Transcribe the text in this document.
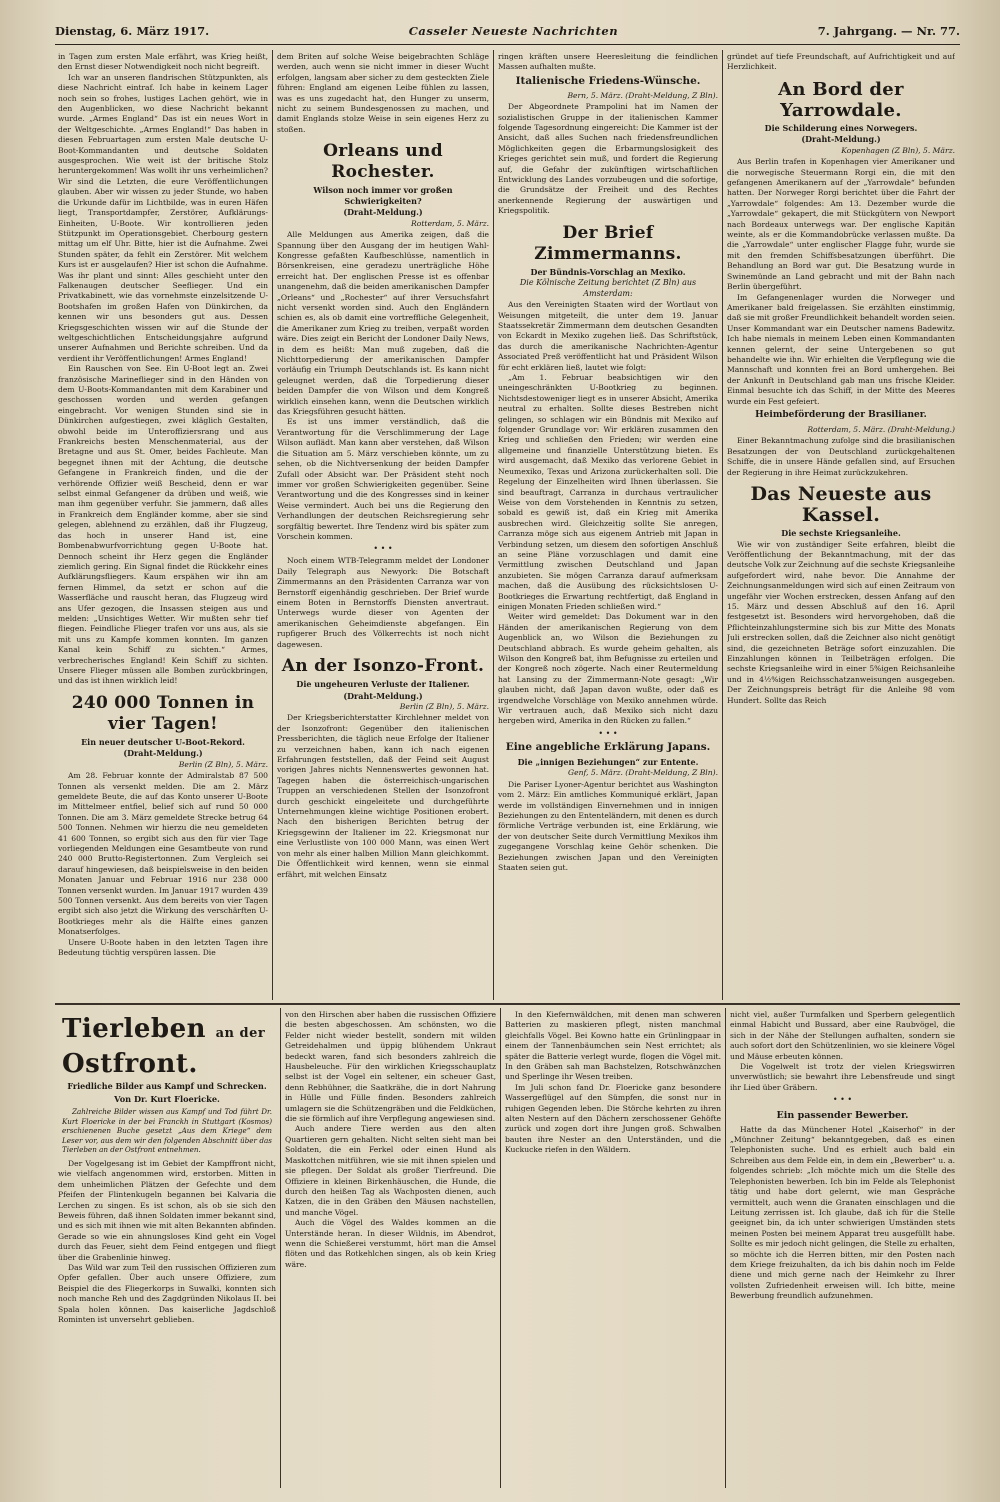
Dienstag, 6. März 1917.	Casseler Neueste Nachrichten	7. Jahrgang. — Nr. 77.

in Tagen zum ersten Male erfährt, was Krieg heißt, den Ernst dieser Notwendigkeit noch nicht begreift.

Ich war an unseren flandrischen Stützpunkten, als diese Nachricht eintraf. Ich habe in keinem Lager noch sein so frohes, lustiges Lachen gehört, wie in den Augenblicken, wo diese Nachricht bekannt wurde. „Armes England“ Das ist ein neues Wort in der Weltgeschichte. „Armes England!“ Das haben in diesen Februartagen zum ersten Male deutsche U-Boot-Kommandanten und deutsche Soldaten ausgesprochen. Wie weit ist der britische Stolz heruntergekommen! Was wollt ihr uns verheimlichen? Wir sind die Letzten, die eure Veröffentlichungen glauben. Aber wir wissen zu jeder Stunde, wo haben die Urkunde dafür im Lichtbilde, was in euren Häfen liegt, Transportdampfer, Zerstörer, Aufklärungs-Einheiten, U-Boote. Wir kontrollieren jeden Stützpunkt im Operationsgebiet. Cherbourg gestern mittag um elf Uhr. Bitte, hier ist die Aufnahme. Zwei Stunden später, da fehlt ein Zerstörer. Mit welchem Kurs ist er ausgelaufen? Hier ist schon die Aufnahme. Was ihr plant und sinnt: Alles geschieht unter den Falkenaugen deutscher Seeflieger. Und ein Privatkabinett, wie das vornehmste einzelsitzende U-Bootshafen im großen Hafen von Dünkirchen, da kennen wir uns besonders gut aus. Dessen Kriegsgeschichten wissen wir auf die Stunde der weltgeschichtlichen Entscheidungsjahre aufgrund unserer Aufnahmen und Berichte schreiben. Und da verdient ihr Veröffentlichungen! Armes England!

Ein Rauschen von See. Ein U-Boot legt an. Zwei französische Marineflieger sind in den Händen von dem U-Boots-Kommandanten mit dem Karabiner und geschossen worden und werden gefangen eingebracht. Vor wenigen Stunden sind sie in Dünkirchen aufgestiegen, zwei kläglich Gestalten, obwohl beide im Unteroffiziersrang und aus Frankreichs besten Menschenmaterial, aus der Bretagne und aus St. Omer, beides Fachleute. Man begegnet ihnen mit der Achtung, die deutsche Gefangene in Frankreich finden, und die der verhörende Offizier weiß Bescheid, denn er war selbst einmal Gefangener da drüben und weiß, wie man ihm gegenüber verfuhr. Sie jammern, daß alles in Frankreich dem Engländer komme, aber sie sind gelegen, ablehnend zu erzählen, daß ihr Flugzeug, das hoch in unserer Hand ist, eine Bombenabwurfvorrichtung gegen U-Boote hat. Dennoch scheint ihr Herz gegen die Engländer ziemlich gering. Ein Signal findet die Rückkehr eines Aufklärungsfliegers. Kaum erspähen wir ihn am fernen Himmel, da setzt er schon auf die Wasserfläche und rauscht heran, das Flugzeug wird ans Ufer gezogen, die Insassen steigen aus und melden: „Unsichtiges Wetter. Wir mußten sehr tief fliegen. Feindliche Flieger trafen vor uns aus, als sie mit uns zu Kampfe kommen konnten. Im ganzen Kanal kein Schiff zu sichten.“ Armes, verbrecherisches England! Kein Schiff zu sichten. Unsere Flieger müssen alle Bomben zurückbringen, und das ist ihnen wirklich leid!

240 000 Tonnen in vier Tagen!
Ein neuer deutscher U-Boot-Rekord.
(Draht-Meldung.)
Berlin (Z Bln), 5. März.

Am 28. Februar konnte der Admiralstab 87 500 Tonnen als versenkt melden. Die am 2. März gemeldete Beute, die auf das Konto unserer U-Boote im Mittelmeer entfiel, belief sich auf rund 50 000 Tonnen. Die am 3. März gemeldete Strecke betrug 64 500 Tonnen. Nehmen wir hierzu die neu gemeldeten 41 600 Tonnen, so ergibt sich aus den für vier Tage vorliegenden Meldungen eine Gesamtbeute von rund 240 000 Brutto-Registertonnen. Zum Vergleich sei darauf hingewiesen, daß beispielsweise in den beiden Monaten Januar und Februar 1916 nur 238 000 Tonnen versenkt wurden. Im Januar 1917 wurden 439 500 Tonnen versenkt. Aus dem bereits von vier Tagen ergibt sich also jetzt die Wirkung des verschärften U-Bootkrieges mehr als die Hälfte eines ganzen Monatserfolges.

Unsere U-Boote haben in den letzten Tagen ihre Bedeutung tüchtig verspüren lassen. Die

dem Briten auf solche Weise beigebrachten Schläge werden, auch wenn sie nicht immer in dieser Wucht erfolgen, langsam aber sicher zu dem gesteckten Ziele führen: England am eigenen Leibe fühlen zu lassen, was es uns zugedacht hat, den Hunger zu unserm, nicht zu seinem Bundesgenossen zu machen, und damit Englands stolze Weise in sein eigenes Herz zu stoßen.

Orleans und Rochester.
Wilson noch immer vor großen Schwierigkeiten?
(Draht-Meldung.)
Rotterdam, 5. März.

Alle Meldungen aus Amerika zeigen, daß die Spannung über den Ausgang der im heutigen Wahl-Kongresse gefaßten Kaufbeschlüsse, namentlich in Börsenkreisen, eine geradezu unerträgliche Höhe erreicht hat. Der englischen Presse ist es offenbar unangenehm, daß die beiden amerikanischen Dampfer „Orleans“ und „Rochester“ auf ihrer Versuchsfahrt nicht versenkt worden sind. Auch den Engländern schien es, als ob damit eine vortreffliche Gelegenheit, die Amerikaner zum Krieg zu treiben, verpaßt worden wäre. Dies zeigt ein Bericht der Londoner Daily News, in dem es heißt: Man muß zugeben, daß die Nichttorpedierung der amerikanischen Dampfer vorläufig ein Triumph Deutschlands ist. Es kann nicht geleugnet werden, daß die Torpedierung dieser beiden Dampfer die von Wilson und dem Kongreß wirklich einsehen kann, wenn die Deutschen wirklich das Kriegsführen gesucht hätten.

Es ist uns immer verständlich, daß die Verantwortung für die Verschlimmerung der Lage Wilson auflädt. Man kann aber verstehen, daß Wilson die Situation am 5. März verschieben könnte, um zu sehen, ob die Nichtversenkung der beiden Dampfer Zufall oder Absicht war. Der Präsident steht noch immer vor großen Schwierigkeiten gegenüber. Seine Verantwortung und die des Kongresses sind in keiner Weise vermindert. Auch bei uns die Regierung den Verhandlungen der deutschen Reichsregierung sehr sorgfältig bewertet. Ihre Tendenz wird bis später zum Vorschein kommen.

• • •

Noch einem WTB-Telegramm meldet der Londoner Daily Telegraph aus Newyork: Die Botschaft Zimmermanns an den Präsidenten Carranza war von Bernstorff eigenhändig geschrieben. Der Brief wurde einem Boten in Bernstorffs Diensten anvertraut. Unterwegs wurde dieser von Agenten der amerikanischen Geheimdienste abgefangen. Ein rupfigerer Bruch des Völkerrechts ist noch nicht dagewesen.

An der Isonzo-Front.
Die ungeheuren Verluste der Italiener.
(Draht-Meldung.)
Berlin (Z Bln), 5. März.

Der Kriegsberichterstatter Kirchlehner meldet von der Isonzofront: Gegenüber den italienischen Pressberichten, die täglich neue Erfolge der Italiener zu verzeichnen haben, kann ich nach eigenen Erfahrungen feststellen, daß der Feind seit August vorigen Jahres nichts Nennenswertes gewonnen hat. Tagegen haben die österreichisch-ungarischen Truppen an verschiedenen Stellen der Isonzofront durch geschickt eingeleitete und durchgeführte Unternehmungen kleine wichtige Positionen erobert. Nach den bisherigen Berichten betrug der Kriegsgewinn der Italiener im 22. Kriegsmonat nur eine Verlustliste von 100 000 Mann, was einen Wert von mehr als einer halben Million Mann gleichkommt. Die Öffentlichkeit wird kennen, wenn sie einmal erfährt, mit welchen Einsatz

ringen kräften unsere Heeresleitung die feindlichen Massen aufhalten mußte.

Italienische Friedens-Wünsche.
Bern, 5. März. (Draht-Meldung, Z Bln).

Der Abgeordnete Prampolini hat im Namen der sozialistischen Gruppe in der italienischen Kammer folgende Tagesordnung eingereicht: Die Kammer ist der Ansicht, daß alles Suchen nach friedensfreundlichen Möglichkeiten gegen die Erbarmungslosigkeit des Krieges gerichtet sein muß, und fordert die Regierung auf, die Gefahr der zukünftigen wirtschaftlichen Entwicklung des Landes vorzubeugen und die sofortige, die Grundsätze der Freiheit und des Rechtes anerkennende Regierung der auswärtigen und Kriegspolitik.

Der Brief Zimmermanns.
Der Bündnis-Vorschlag an Mexiko.
Die Kölnische Zeitung berichtet (Z Bln) aus Amsterdam:

Aus den Vereinigten Staaten wird der Wortlaut von Weisungen mitgeteilt, die unter dem 19. Januar Staatssekretär Zimmermann dem deutschen Gesandten von Eckardt in Mexiko zugehen ließ. Das Schriftstück, das durch die amerikanische Nachrichten-Agentur Associated Preß veröffentlicht hat und Präsident Wilson für echt erklären ließ, lautet wie folgt:

„Am 1. Februar beabsichtigen wir den uneingeschränkten U-Bootkrieg zu beginnen. Nichtsdestoweniger liegt es in unserer Absicht, Amerika neutral zu erhalten. Sollte dieses Bestreben nicht gelingen, so schlagen wir ein Bündnis mit Mexiko auf folgender Grundlage vor: Wir erklären zusammen den Krieg und schließen den Frieden; wir werden eine allgemeine und finanzielle Unterstützung bieten. Es wird ausgemacht, daß Mexiko das verlorene Gebiet in Neumexiko, Texas und Arizona zurückerhalten soll. Die Regelung der Einzelheiten wird Ihnen überlassen. Sie sind beauftragt, Carranza in durchaus vertraulicher Weise von dem Vorstehenden in Kenntnis zu setzen, sobald es gewiß ist, daß ein Krieg mit Amerika ausbrechen wird. Gleichzeitig sollte Sie anregen, Carranza möge sich aus eigenem Antrieb mit Japan in Verbindung setzen, um diesem den sofortigen Anschluß an seine Pläne vorzuschlagen und damit eine Vermittlung zwischen Deutschland und Japan anzubieten. Sie mögen Carranza darauf aufmerksam machen, daß die Ausübung des rücksichtslosen U-Bootkrieges die Erwartung rechtfertigt, daß England in einigen Monaten Frieden schließen wird.“

Weiter wird gemeldet: Das Dokument war in den Händen der amerikanischen Regierung von dem Augenblick an, wo Wilson die Beziehungen zu Deutschland abbrach. Es wurde geheim gehalten, als Wilson den Kongreß bat, ihm Befugnisse zu erteilen und der Kongreß noch zögerte. Nach einer Reutermeldung hat Lansing zu der Zimmermann-Note gesagt: „Wir glauben nicht, daß Japan davon wußte, oder daß es irgendwelche Vorschläge von Mexiko annehmen würde. Wir vertrauen auch, daß Mexiko sich nicht dazu hergeben wird, Amerika in den Rücken zu fallen.“

• • •
Eine angebliche Erklärung Japans.
Die „innigen Beziehungen“ zur Entente.
Genf, 5. März. (Draht-Meldung, Z Bln).

Die Pariser Lyoner-Agentur berichtet aus Washington vom 2. März: Ein amtliches Kommuniqué erklärt, Japan werde im vollständigen Einvernehmen und in innigen Beziehungen zu den Ententeländern, mit denen es durch förmliche Verträge verbunden ist, eine Erklärung, wie der von deutscher Seite durch Vermittlung Mexikos ihm zugegangene Vorschlag keine Gehör schenken. Die Beziehungen zwischen Japan und den Vereinigten Staaten seien gut.

gründet auf tiefe Freundschaft, auf Aufrichtigkeit und auf Herzlichkeit.

An Bord der Yarrowdale.
Die Schilderung eines Norwegers.
(Draht-Meldung.)
Kopenhagen (Z Bln), 5. März.

Aus Berlin trafen in Kopenhagen vier Amerikaner und die norwegische Steuermann Rorgi ein, die mit den gefangenen Amerikanern auf der „Yarrowdale“ befunden hatten. Der Norweger Rorgi berichtet über die Fahrt der „Yarrowdale“ folgendes: Am 13. Dezember wurde die „Yarrowdale“ gekapert, die mit Stückgütern von Newport nach Bordeaux unterwegs war. Der englische Kapitän weinte, als er die Kommandobrücke verlassen mußte. Da die „Yarrowdale“ unter englischer Flagge fuhr, wurde sie mit den fremden Schiffsbesatzungen überführt. Die Behandlung an Bord war gut. Die Besatzung wurde in Swinemünde an Land gebracht und mit der Bahn nach Berlin übergeführt.

Im Gefangenenlager wurden die Norweger und Amerikaner bald freigelassen. Sie erzählten einstimmig, daß sie mit großer Freundlichkeit behandelt worden seien. Unser Kommandant war ein Deutscher namens Badewitz. Ich habe niemals in meinem Leben einen Kommandanten kennen gelernt, der seine Untergebenen so gut behandelte wie ihn. Wir erhielten die Verpflegung wie die Mannschaft und konnten frei an Bord umhergehen. Bei der Ankunft in Deutschland gab man uns frische Kleider. Einmal besuchte ich das Schiff, in der Mitte des Meeres wurde ein Fest gefeiert.

Heimbeförderung der Brasilianer.
Rotterdam, 5. März. (Draht-Meldung.)

Einer Bekanntmachung zufolge sind die brasilianischen Besatzungen der von Deutschland zurückgehaltenen Schiffe, die in unsere Hände gefallen sind, auf Ersuchen der Regierung in ihre Heimat zurückzukehren.

Das Neueste aus Kassel.
Die sechste Kriegsanleihe.

Wie wir von zuständiger Seite erfahren, bleibt die Veröffentlichung der Bekanntmachung, mit der das deutsche Volk zur Zeichnung auf die sechste Kriegsanleihe aufgefordert wird, nahe bevor. Die Annahme der Zeichnungsanmeldungen wird sich auf einen Zeitraum von ungefähr vier Wochen erstrecken, dessen Anfang auf den 15. März und dessen Abschluß auf den 16. April festgesetzt ist. Besonders wird hervorgehoben, daß die Pflichteinzahlungstermine sich bis zur Mitte des Monats Juli erstrecken sollen, daß die Zeichner also nicht genötigt sind, die gezeichneten Beträge sofort einzuzahlen. Die Einzahlungen können in Teilbeträgen erfolgen. Die sechste Kriegsanleihe wird in einer 5%igen Reichsanleihe und in 4½%igen Reichsschatzanweisungen ausgegeben. Der Zeichnungspreis beträgt für die Anleihe 98 vom Hundert. Sollte das Reich

Tierleben an der Ostfront.
Friedliche Bilder aus Kampf und Schrecken.
Von Dr. Kurt Floericke.
Zahlreiche Bilder wissen aus Kampf und Tod führt Dr. Kurt Floericke in der bei Franckh in Stuttgart (Kosmos) erschienenen Buche gesetzt „Aus dem Kriege“ dem Leser vor, aus dem wir den folgenden Abschnitt über das Tierleben an der Ostfront entnehmen.

Der Vogelgesang ist im Gebiet der Kampffront nicht, wie vielfach angenommen wird, erstorben. Mitten in dem unheimlichen Plätzen der Gefechte und dem Pfeifen der Flintenkugeln begannen bei Kalvaria die Lerchen zu singen. Es ist schon, als ob sie sich den Beweis führen, daß ihnen Soldaten immer bekannt sind, und es sich mit ihnen wie mit alten Bekannten abfinden. Gerade so wie ein ahnungsloses Kind geht ein Vogel durch das Feuer, sieht dem Feind entgegen und fliegt über die Grabenlinie hinweg.

Das Wild war zum Teil den russischen Offizieren zum Opfer gefallen. Über auch unsere Offiziere, zum Beispiel die des Fliegerkorps in Suwalki, konnten sich noch manche Reh und des Zagdgründen Nikolaus II. bei Spala holen können. Das kaiserliche Jagdschloß Rominten ist unversehrt geblieben.

von den Hirschen aber haben die russischen Offiziere die besten abgeschossen. Am schönsten, wo die Felder nicht wieder bestellt, sondern mit wilden Getreidehalmen und üppig blühendem Unkraut bedeckt waren, fand sich besonders zahlreich die Hausbeleuche. Für den wirklichen Kriegsschauplatz selbst ist der Vogel ein seltener, ein scheuer Gast, denn Rebhühner, die Saatkrähe, die in dort Nahrung in Hülle und Fülle finden. Besonders zahlreich umlagern sie die Schützengräben und die Feldküchen, die sie förmlich auf ihre Verpflegung angewiesen sind.

Auch andere Tiere werden aus den alten Quartieren gern gehalten. Nicht selten sieht man bei Soldaten, die ein Ferkel oder einen Hund als Maskottchen mitführen, wie sie mit ihnen spielen und sie pflegen. Der Soldat als großer Tierfreund. Die Offiziere in kleinen Birkenhäuschen, die Hunde, die durch den heißen Tag als Wachposten dienen, auch Katzen, die in den Gräben den Mäusen nachstellen, und manche Vögel.

Auch die Vögel des Waldes kommen an die Unterstände heran. In dieser Wildnis, im Abendrot, wenn die Schießerei verstummt, hört man die Amsel flöten und das Rotkehlchen singen, als ob kein Krieg wäre.

In den Kiefernwäldchen, mit denen man schweren Batterien zu maskieren pflegt, nisten manchmal gleichfalls Vögel. Bei Kowno hatte ein Grünlingpaar in einem der Tannenbäumchen sein Nest errichtet; als später die Batterie verlegt wurde, flogen die Vögel mit. In den Gräben sah man Bachstelzen, Rotschwänzchen und Sperlinge ihr Wesen treiben.

Im Juli schon fand Dr. Floericke ganz besondere Wassergeflügel auf den Sümpfen, die sonst nur in ruhigen Gegenden leben. Die Störche kehrten zu ihren alten Nestern auf den Dächern zerschossener Gehöfte zurück und zogen dort ihre Jungen groß. Schwalben bauten ihre Nester an den Unterständen, und die Kuckucke riefen in den Wäldern.

nicht viel, außer Turmfalken und Sperbern gelegentlich einmal Habicht und Bussard, aber eine Raubvögel, die sich in der Nähe der Stellungen aufhalten, sondern sie auch sofort dort den Schützenlinien, wo sie kleinere Vögel und Mäuse erbeuten können.

Die Vogelwelt ist trotz der vielen Kriegswirren unverwüstlich; sie bewahrt ihre Lebensfreude und singt ihr Lied über Gräbern.

• • •
Ein passender Bewerber.

Hatte da das Münchener Hotel „Kaiserhof“ in der „Münchner Zeitung“ bekanntgegeben, daß es einen Telephonisten suche. Und es erhielt auch bald ein Schreiben aus dem Felde ein, in dem ein „Bewerber“ u. a. folgendes schrieb: „Ich möchte mich um die Stelle des Telephonisten bewerben. Ich bin im Felde als Telephonist tätig und habe dort gelernt, wie man Gespräche vermittelt, auch wenn die Granaten einschlagen und die Leitung zerrissen ist. Ich glaube, daß ich für die Stelle geeignet bin, da ich unter schwierigen Umständen stets meinen Posten bei meinem Apparat treu ausgefüllt habe. Sollte es mir jedoch nicht gelingen, die Stelle zu erhalten, so möchte ich die Herren bitten, mir den Posten nach dem Kriege freizuhalten, da ich bis dahin noch im Felde diene und mich gerne nach der Heimkehr zu Ihrer vollsten Zufriedenheit erweisen will. Ich bitte, meine Bewerbung freundlich aufzunehmen.
